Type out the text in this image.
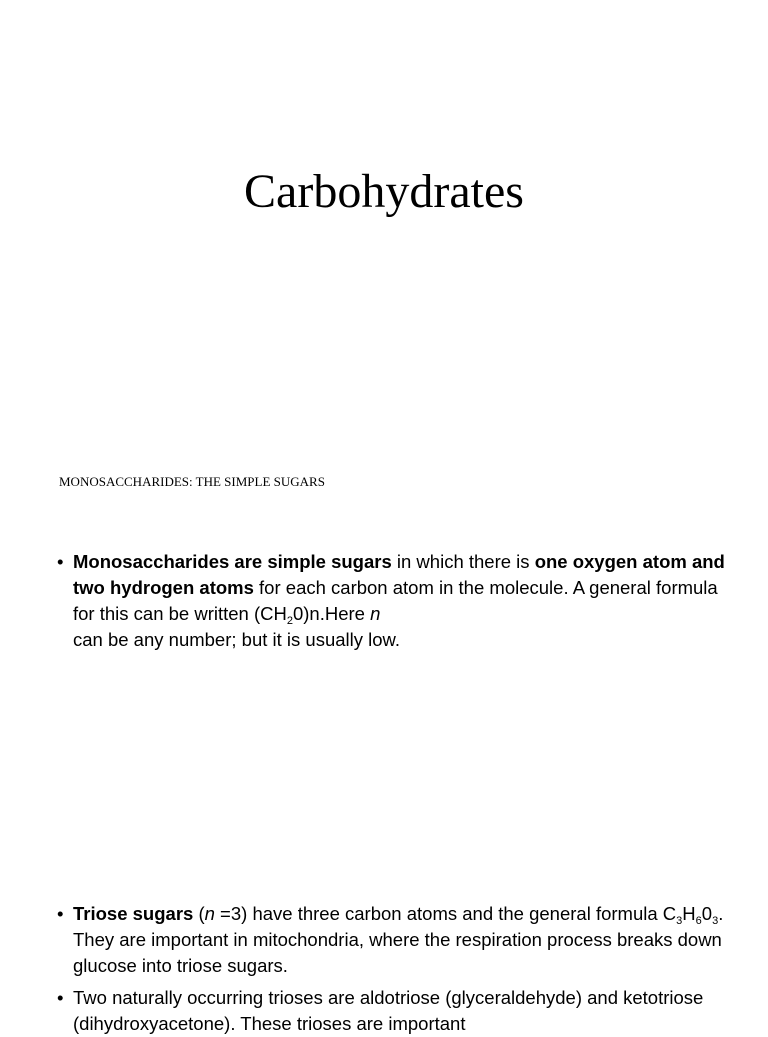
Carbohydrates
MONOSACCHARIDES: THE SIMPLE SUGARS
• Monosaccharides are simple sugars in which there is one oxygen atom and two hydrogen atoms for each carbon atom in the molecule. A general formula for this can be written $(CH_20)n.Here$ n
can be any number; but it is usually low.
• Triose sugars (n =3) have three carbon atoms and the general formula $C_3H_60_3$. They are important in mitochondria, where the respiration process breaks down glucose into triose sugars.
• Two naturally occurring trioses are aldotriose (glyceraldehyde) and ketotriose (dihydroxyacetone). These trioses are important
